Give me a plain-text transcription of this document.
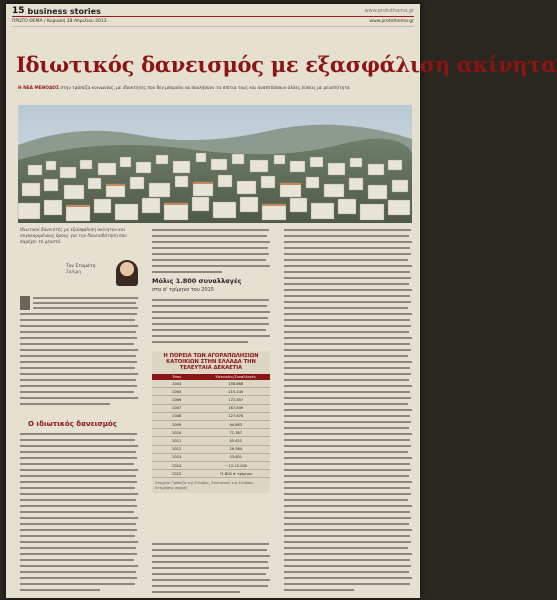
15 business stories	www.protothema.gr
ΠΡΩΤΟ ΘΕΜΑ / Κυριακή 28 Απριλίου 2013	www.protothema.gr
Ιδιωτικός δανεισμός με εξασφάλιση ακίνητα
Η ΝΕΑ ΜΕΘΟΔΟΣ στην τράπεζα κοινωνίας, με ιδιοκτήτες που δεν μπορούν να πουλήσουν τα σπίτια τους και αναπτύσσουν άλλες λύσεις με ρευστότητα
Ιδιωτικοί δανειστές με εξασφάλιση ακίνητου και συγκεκριμένους όρους για την δανειοδότηση που παρέχει το ρευστό.
Του Σταμάτη
Σαλίρη
Ο ιδιωτικός δανεισμός
Μόλις 1.800 συναλλαγές
στο α' τρίμηνο του 2015
Η ΠΟΡΕΙΑ ΤΩΝ ΑΓΟΡΑΠΩΛΗΣΙΩΝ ΚΑΤΟΙΚΙΩΝ ΣΤΗΝ ΕΛΛΑΔΑ ΤΗΝ ΤΕΛΕΥΤΑΙΑ ΔΕΚΑΕΤΙΑ
Έτος	Κατοικίες/Συναλλαγές
2004	158.866
2005	215.140
2006	172.857
2007	167.849
2008	127.878
2009	94.863
2010	71.387
2011	45.621
2012	29.384
2013	23.801
2014	~ 12-15.000
2015	*1.800 α' τρίμηνο
Στοιχεία: Τράπεζα της Ελλάδος, Στατιστική της Ελλάδος, Εκτιμήσεις αγοράς
